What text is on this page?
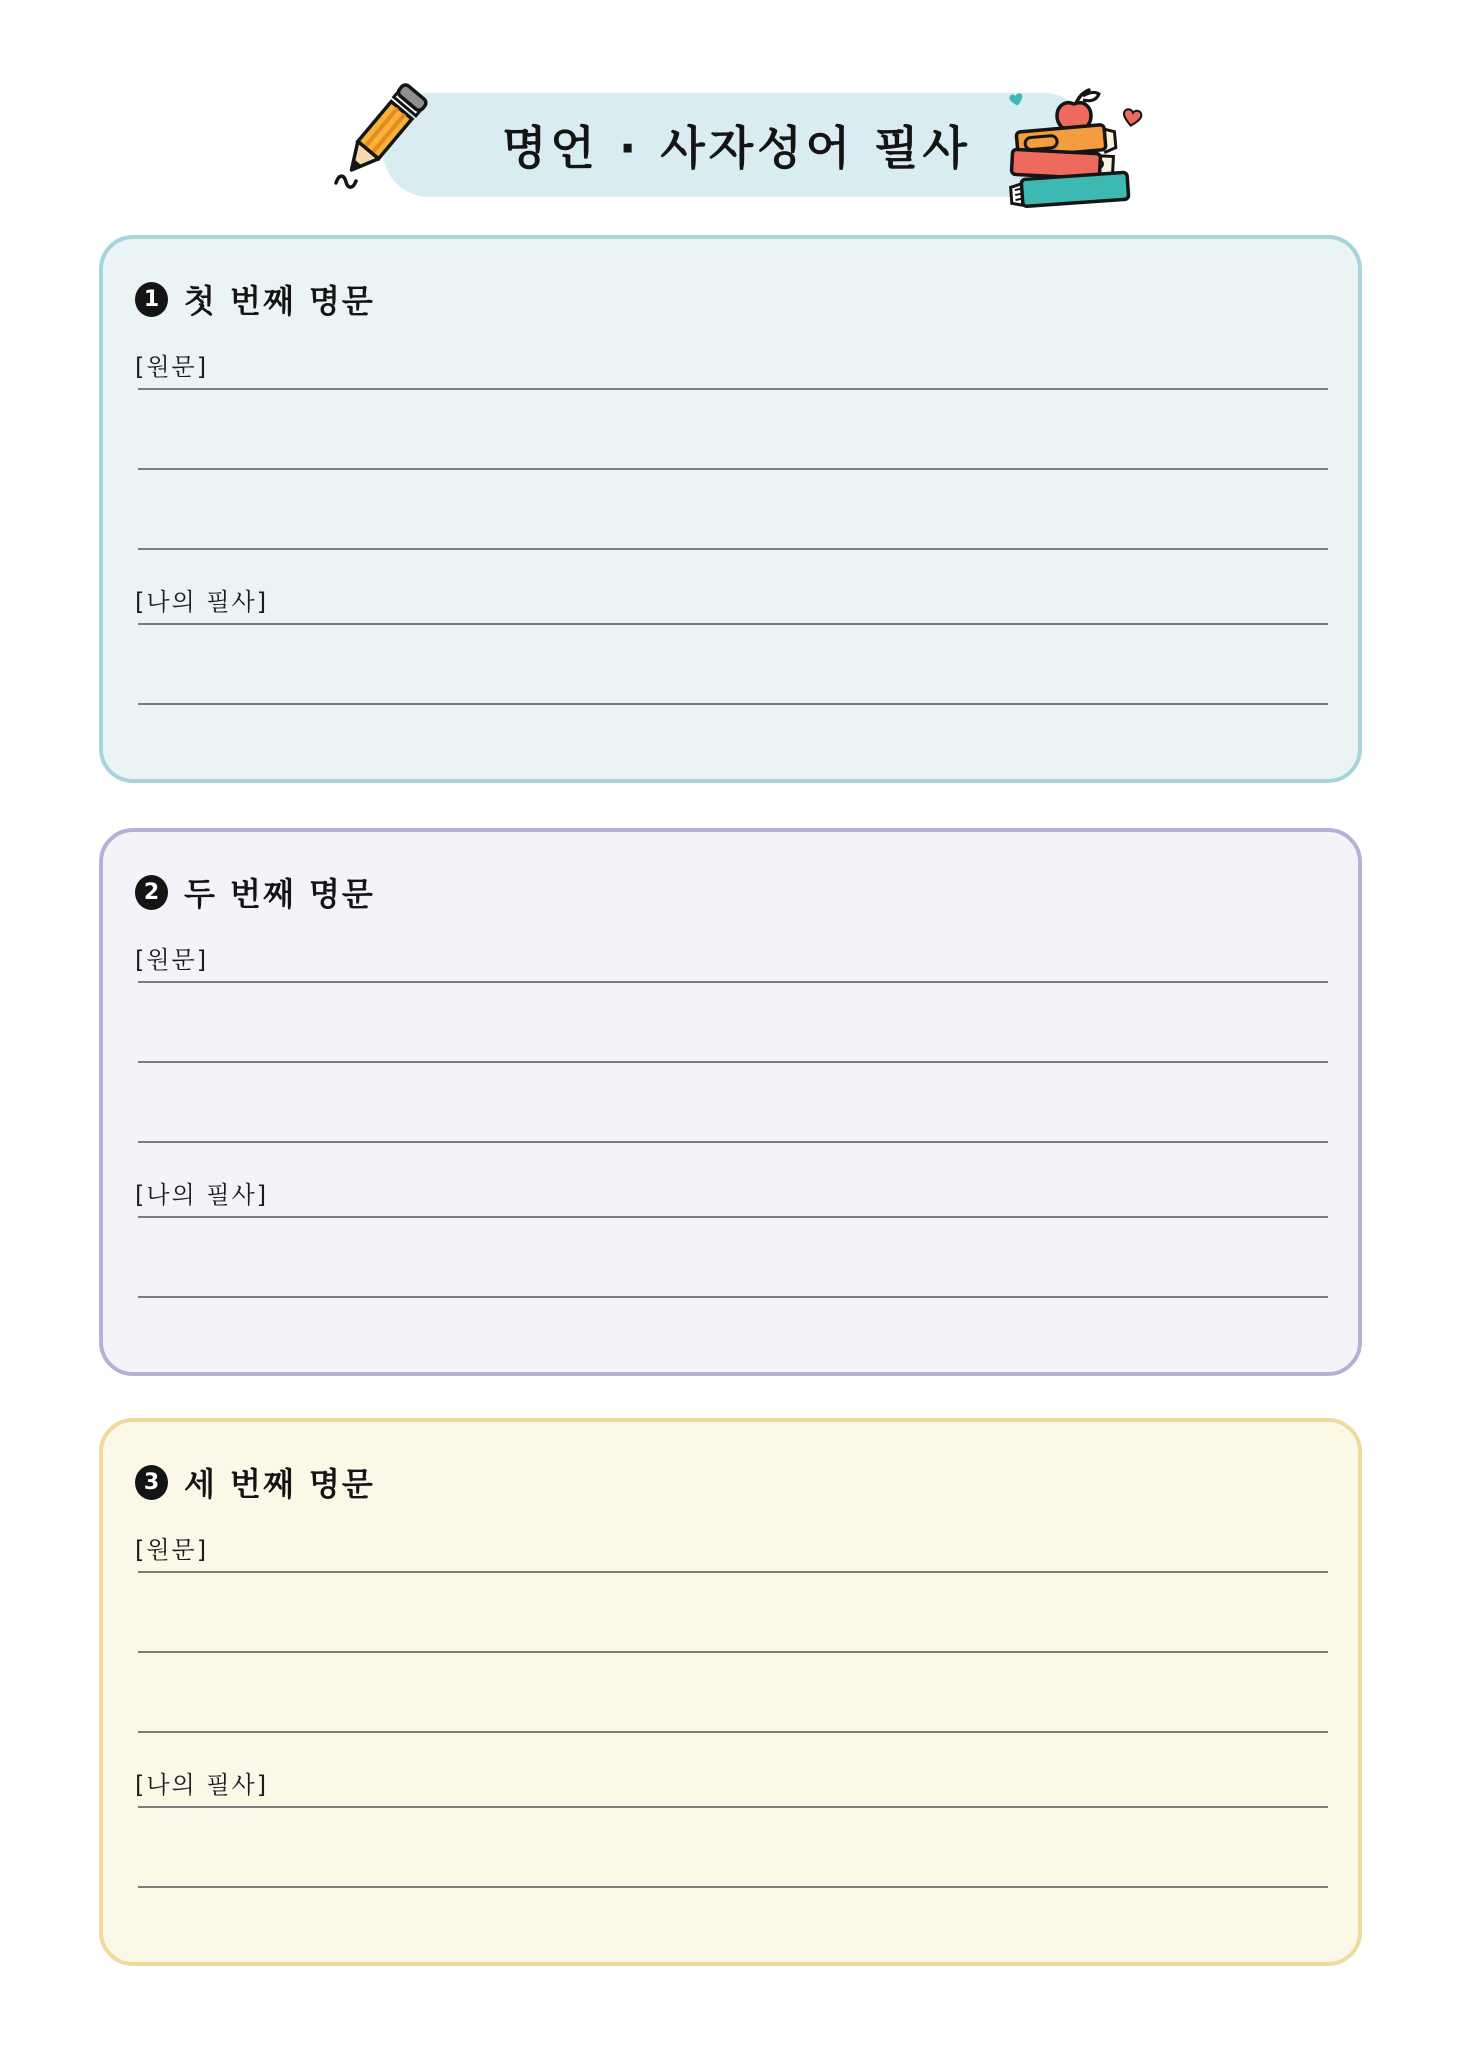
명언 · 사자성어 필사
1 첫 번째 명문
[원문]
[나의 필사]
2 두 번째 명문
[원문]
[나의 필사]
3 세 번째 명문
[원문]
[나의 필사]
